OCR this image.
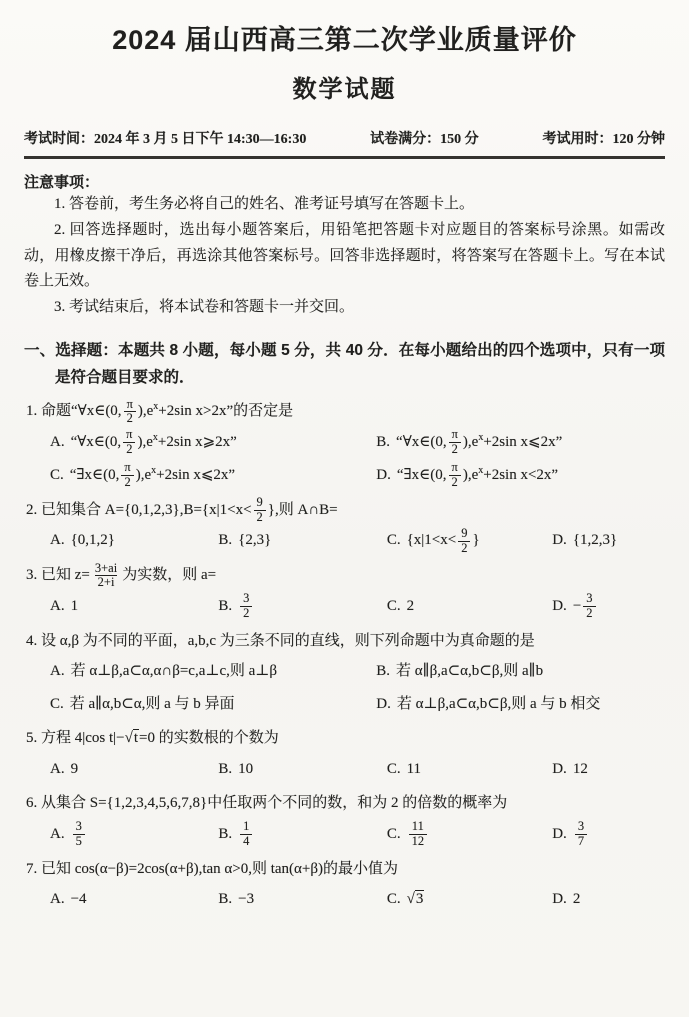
2024 届山西高三第二次学业质量评价
数学试题
考试时间：2024 年 3 月 5 日下午 14:30—16:30	试卷满分：150 分	考试用时：120 分钟
注意事项：
1. 答卷前，考生务必将自己的姓名、准考证号填写在答题卡上。
2. 回答选择题时，选出每小题答案后，用铅笔把答题卡对应题目的答案标号涂黑。如需改动，用橡皮擦干净后，再选涂其他答案标号。回答非选择题时，将答案写在答题卡上。写在本试卷上无效。
3. 考试结束后，将本试卷和答题卡一并交回。
一、选择题：本题共 8 小题，每小题 5 分，共 40 分．在每小题给出的四个选项中，只有一项是符合题目要求的．
1. 命题“∀x∈(0, $\frac{\pi}{2} ),e^x+2\sin$ x>2x”的否定是
A. “∀x∈(0, $\frac{\pi}{2} ),e^x+2\sin$ x⩾2x”	B. “∀x∈(0, $\frac{\pi}{2} ),e^x+2\sin$ x⩽2x”
C. “∃x∈(0, $\frac{\pi}{2} ),e^x+2\sin$ x⩽2x”	D. “∃x∈(0, $\frac{\pi}{2} ),e^x+2\sin$ x<2x”
2. 已知集合 $A=\{0,1,2,3\},B=\{x|1<x< \frac{9}{2}$ },则 A∩B=
A. {0,1,2}	B. {2,3}	C. {$x|1<x< \frac{9}{2}$ }	D. {1,2,3}
3. 已知 $z= \frac{3+ai}{2+i}$ 为实数，则 a=
A. 1	B. $\frac{3}{2}$	C. 2	D. − $\frac{3}{2}$
4. 设 α,β 为不同的平面，a,b,c 为三条不同的直线，则下列命题中为真命题的是
A. 若 α⊥β,a⊂α,α∩β=c,a⊥c,则 a⊥β	B. 若 α∥β,a⊂α,b⊂β,则 a∥b
C. 若 a∥α,b⊂α,则 a 与 b 异面	D. 若 α⊥β,a⊂α,b⊂β,则 a 与 b 相交
5. 方程 4|cos t|−√t=0 的实数根的个数为
A. 9	B. 10	C. 11	D. 12
6. 从集合 S={1,2,3,4,5,6,7,8}中任取两个不同的数，和为 2 的倍数的概率为
A. $\frac{3}{5}$	B. $\frac{1}{4}$	C. $\frac{11}{12}$	D. $\frac{3}{7}$
7. 已知 cos(α−β)=2cos(α+β),tan α>0,则 tan(α+β)的最小值为
A. −4	B. −3	C. √3	D. 2
